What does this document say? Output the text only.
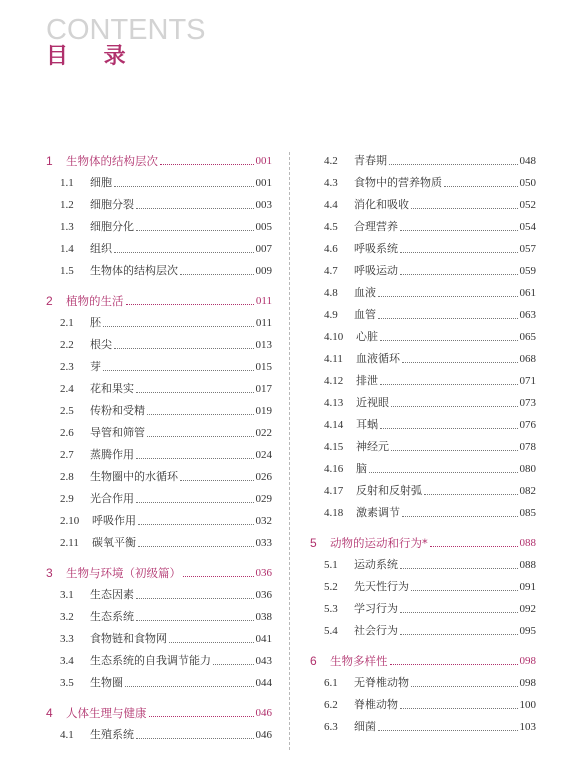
CONTENTS
目 录
1	生物体的结构层次	001
1.1	细胞	001
1.2	细胞分裂	003
1.3	细胞分化	005
1.4	组织	007
1.5	生物体的结构层次	009
2	植物的生活	011
2.1	胚	011
2.2	根尖	013
2.3	芽	015
2.4	花和果实	017
2.5	传粉和受精	019
2.6	导管和筛管	022
2.7	蒸腾作用	024
2.8	生物圈中的水循环	026
2.9	光合作用	029
2.10	呼吸作用	032
2.11	碳氧平衡	033
3	生物与环境（初级篇）	036
3.1	生态因素	036
3.2	生态系统	038
3.3	食物链和食物网	041
3.4	生态系统的自我调节能力	043
3.5	生物圈	044
4	人体生理与健康	046
4.1	生殖系统	046
4.2	青春期	048
4.3	食物中的营养物质	050
4.4	消化和吸收	052
4.5	合理营养	054
4.6	呼吸系统	057
4.7	呼吸运动	059
4.8	血液	061
4.9	血管	063
4.10	心脏	065
4.11	血液循环	068
4.12	排泄	071
4.13	近视眼	073
4.14	耳蜗	076
4.15	神经元	078
4.16	脑	080
4.17	反射和反射弧	082
4.18	激素调节	085
5	动物的运动和行为*	088
5.1	运动系统	088
5.2	先天性行为	091
5.3	学习行为	092
5.4	社会行为	095
6	生物多样性	098
6.1	无脊椎动物	098
6.2	脊椎动物	100
6.3	细菌	103
